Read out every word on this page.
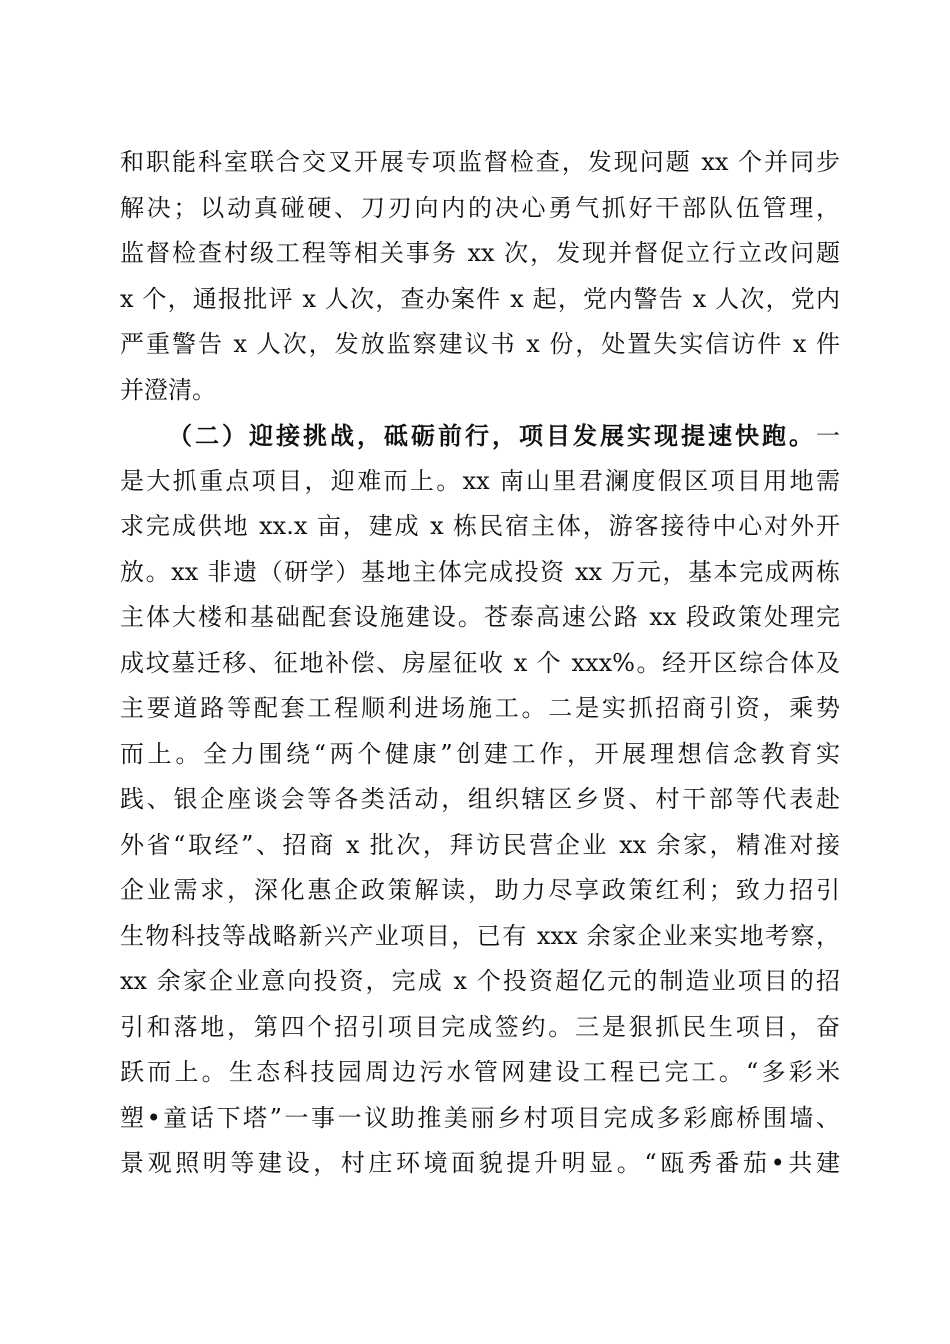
和职能科室联合交叉开展专项监督检查，发现问题 xx 个并同步
解决；以动真碰硬、刀刃向内的决心勇气抓好干部队伍管理，
监督检查村级工程等相关事务 xx 次，发现并督促立行立改问题
x 个，通报批评 x 人次，查办案件 x 起，党内警告 x 人次，党内
严重警告 x 人次，发放监察建议书 x 份，处置失实信访件 x 件
并澄清。
（二）迎接挑战，砥砺前行，项目发展实现提速快跑。一
是大抓重点项目，迎难而上。xx 南山里君澜度假区项目用地需
求完成供地 xx.x 亩，建成 x 栋民宿主体，游客接待中心对外开
放。xx 非遗（研学）基地主体完成投资 xx 万元，基本完成两栋
主体大楼和基础配套设施建设。苍泰高速公路 xx 段政策处理完
成坟墓迁移、征地补偿、房屋征收 x 个 xxx%。经开区综合体及
主要道路等配套工程顺利进场施工。二是实抓招商引资，乘势
而上。全力围绕“两个健康”创建工作，开展理想信念教育实
践、银企座谈会等各类活动，组织辖区乡贤、村干部等代表赴
外省“取经”、招商 x 批次，拜访民营企业 xx 余家，精准对接
企业需求，深化惠企政策解读，助力尽享政策红利；致力招引
生物科技等战略新兴产业项目，已有 xxx 余家企业来实地考察，
xx 余家企业意向投资，完成 x 个投资超亿元的制造业项目的招
引和落地，第四个招引项目完成签约。三是狠抓民生项目，奋
跃而上。生态科技园周边污水管网建设工程已完工。“多彩米
塑•童话下塔”一事一议助推美丽乡村项目完成多彩廊桥围墙、
景观照明等建设，村庄环境面貌提升明显。“瓯秀番茄•共建
